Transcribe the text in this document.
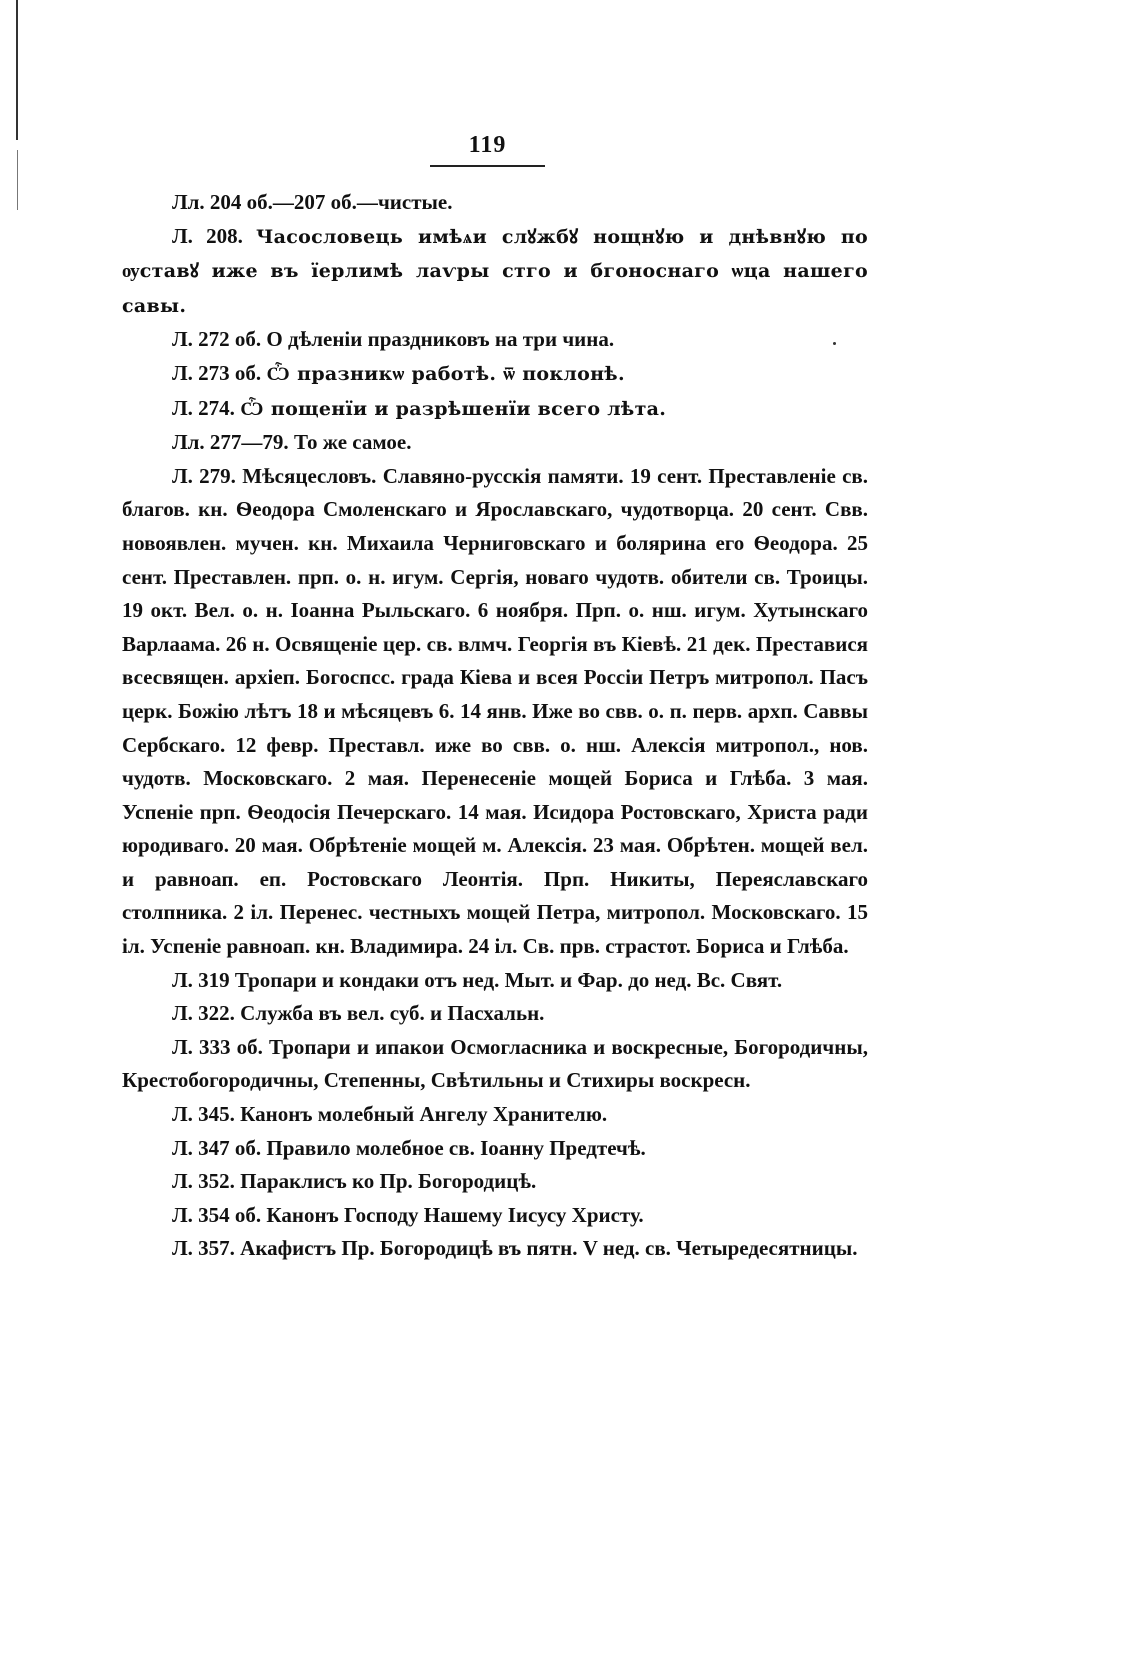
119

Лл. 204 об.—207 об.—чистые.

Л. 208. Часословець имѣѧи слꙋжбꙋ нощнꙋю и днѣвнꙋю по ѹставꙋ иже въ їерлимѣ лаѵры стго и бгоноснаго ѡца нашего савы.

Л. 272 об. О дѣленіи праздниковъ на три чина.

Л. 273 об. Ѽ празникѡ работѣ. ѿ поклонѣ.

Л. 274. Ѽ пощенїи и разрѣшенїи всего лѣта.

Лл. 277—79. То же самое.

Л. 279. Мѣсяцесловъ. Славяно-русскія памяти. 19 сент. Преставленіе св. благов. кн. Ѳеодора Смоленскаго и Ярославскаго, чудотворца. 20 сент. Свв. новоявлен. мучен. кн. Михаила Черниговскаго и болярина его Ѳеодора. 25 сент. Преставлен. прп. о. н. игум. Сергія, новаго чудотв. обители св. Троицы. 19 окт. Вел. о. н. Іоанна Рыльскаго. 6 ноября. Прп. о. нш. игум. Хутынскаго Варлаама. 26 н. Освященіе цер. св. влмч. Георгія въ Кіевѣ. 21 дек. Преставися всесвящен. архіеп. Богоспсс. града Кіева и всея Россіи Петръ митропол. Пасъ церк. Божію лѣтъ 18 и мѣсяцевъ 6. 14 янв. Иже во свв. о. п. перв. архп. Саввы Сербскаго. 12 февр. Преставл. иже во свв. о. нш. Алексія митропол., нов. чудотв. Московскаго. 2 мая. Перенесеніе мощей Бориса и Глѣба. 3 мая. Успеніе прп. Ѳеодосія Печерскаго. 14 мая. Исидора Ростовскаго, Христа ради юродиваго. 20 мая. Обрѣтеніе мощей м. Алексія. 23 мая. Обрѣтен. мощей вел. и равноап. еп. Ростовскаго Леонтія. Прп. Никиты, Переяславскаго столпника. 2 іл. Перенес. честныхъ мощей Петра, митропол. Московскаго. 15 іл. Успеніе равноап. кн. Владимира. 24 іл. Св. прв. страстот. Бориса и Глѣба.

Л. 319 Тропари и кондаки отъ нед. Мыт. и Фар. до нед. Вс. Свят.

Л. 322. Служба въ вел. суб. и Пасхальн.

Л. 333 об. Тропари и ипакои Осмогласника и воскресные, Богородичны, Крестобогородичны, Степенны, Свѣтильны и Стихиры воскресн.

Л. 345. Канонъ молебный Ангелу Хранителю.

Л. 347 об. Правило молебное св. Іоанну Предтечѣ.

Л. 352. Параклисъ ко Пр. Богородицѣ.

Л. 354 об. Канонъ Господу Нашему Іисусу Христу.

Л. 357. Акафистъ Пр. Богородицѣ въ пятн. V нед. св. Четыредесятницы.
